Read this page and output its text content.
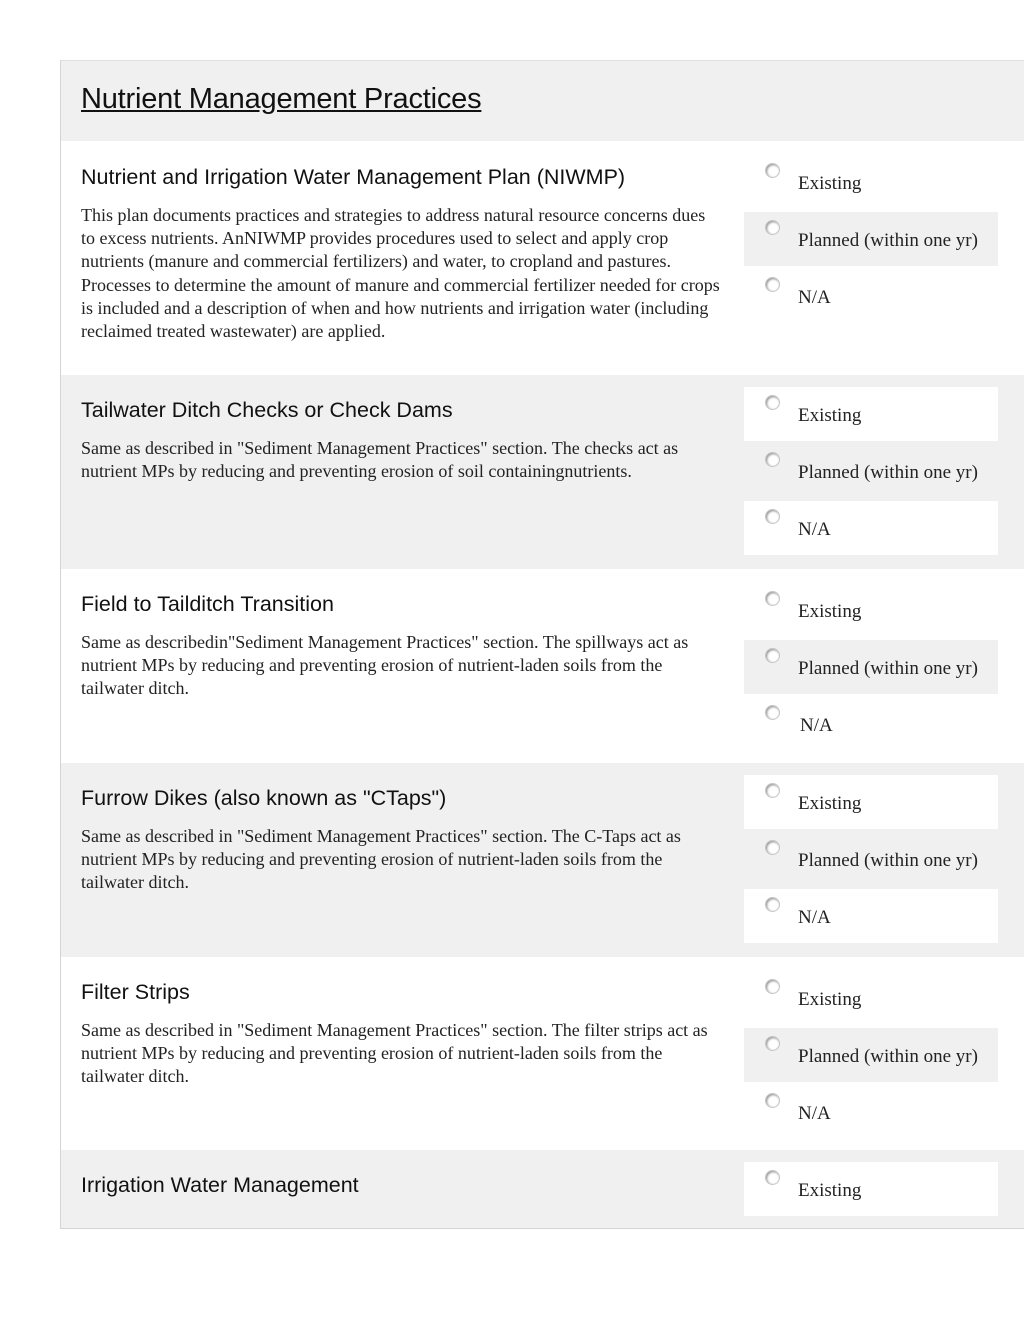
Nutrient Management Practices
Nutrient and Irrigation Water Management Plan (NIWMP)
This plan documents practices and strategies to address natural resource concerns dues to excess nutrients. AnNIWMP provides procedures used to select and apply crop nutrients (manure and commercial fertilizers) and water, to cropland and pastures. Processes to determine the amount of manure and commercial fertilizer needed for crops is included and a description of when and how nutrients and irrigation water (including reclaimed treated wastewater) are applied.
Existing
Planned (within one yr)
N/A
Tailwater Ditch Checks or Check Dams
Same as described in "Sediment Management Practices" section. The checks act as nutrient MPs by reducing and preventing erosion of soil containingnutrients.
Existing
Planned (within one yr)
N/A
Field to Tailditch Transition
Same as describedin"Sediment Management Practices" section. The spillways act as nutrient MPs by reducing and preventing erosion of nutrient-laden soils from the tailwater ditch.
Existing
Planned (within one yr)
N/A
Furrow Dikes (also known as "CTaps")
Same as described in "Sediment Management Practices" section. The C-Taps act as nutrient MPs by reducing and preventing erosion of nutrient-laden soils from the tailwater ditch.
Existing
Planned (within one yr)
N/A
Filter Strips
Same as described in "Sediment Management Practices" section. The filter strips act as nutrient MPs by reducing and preventing erosion of nutrient-laden soils from the tailwater ditch.
Existing
Planned (within one yr)
N/A
Irrigation Water Management	Existing
